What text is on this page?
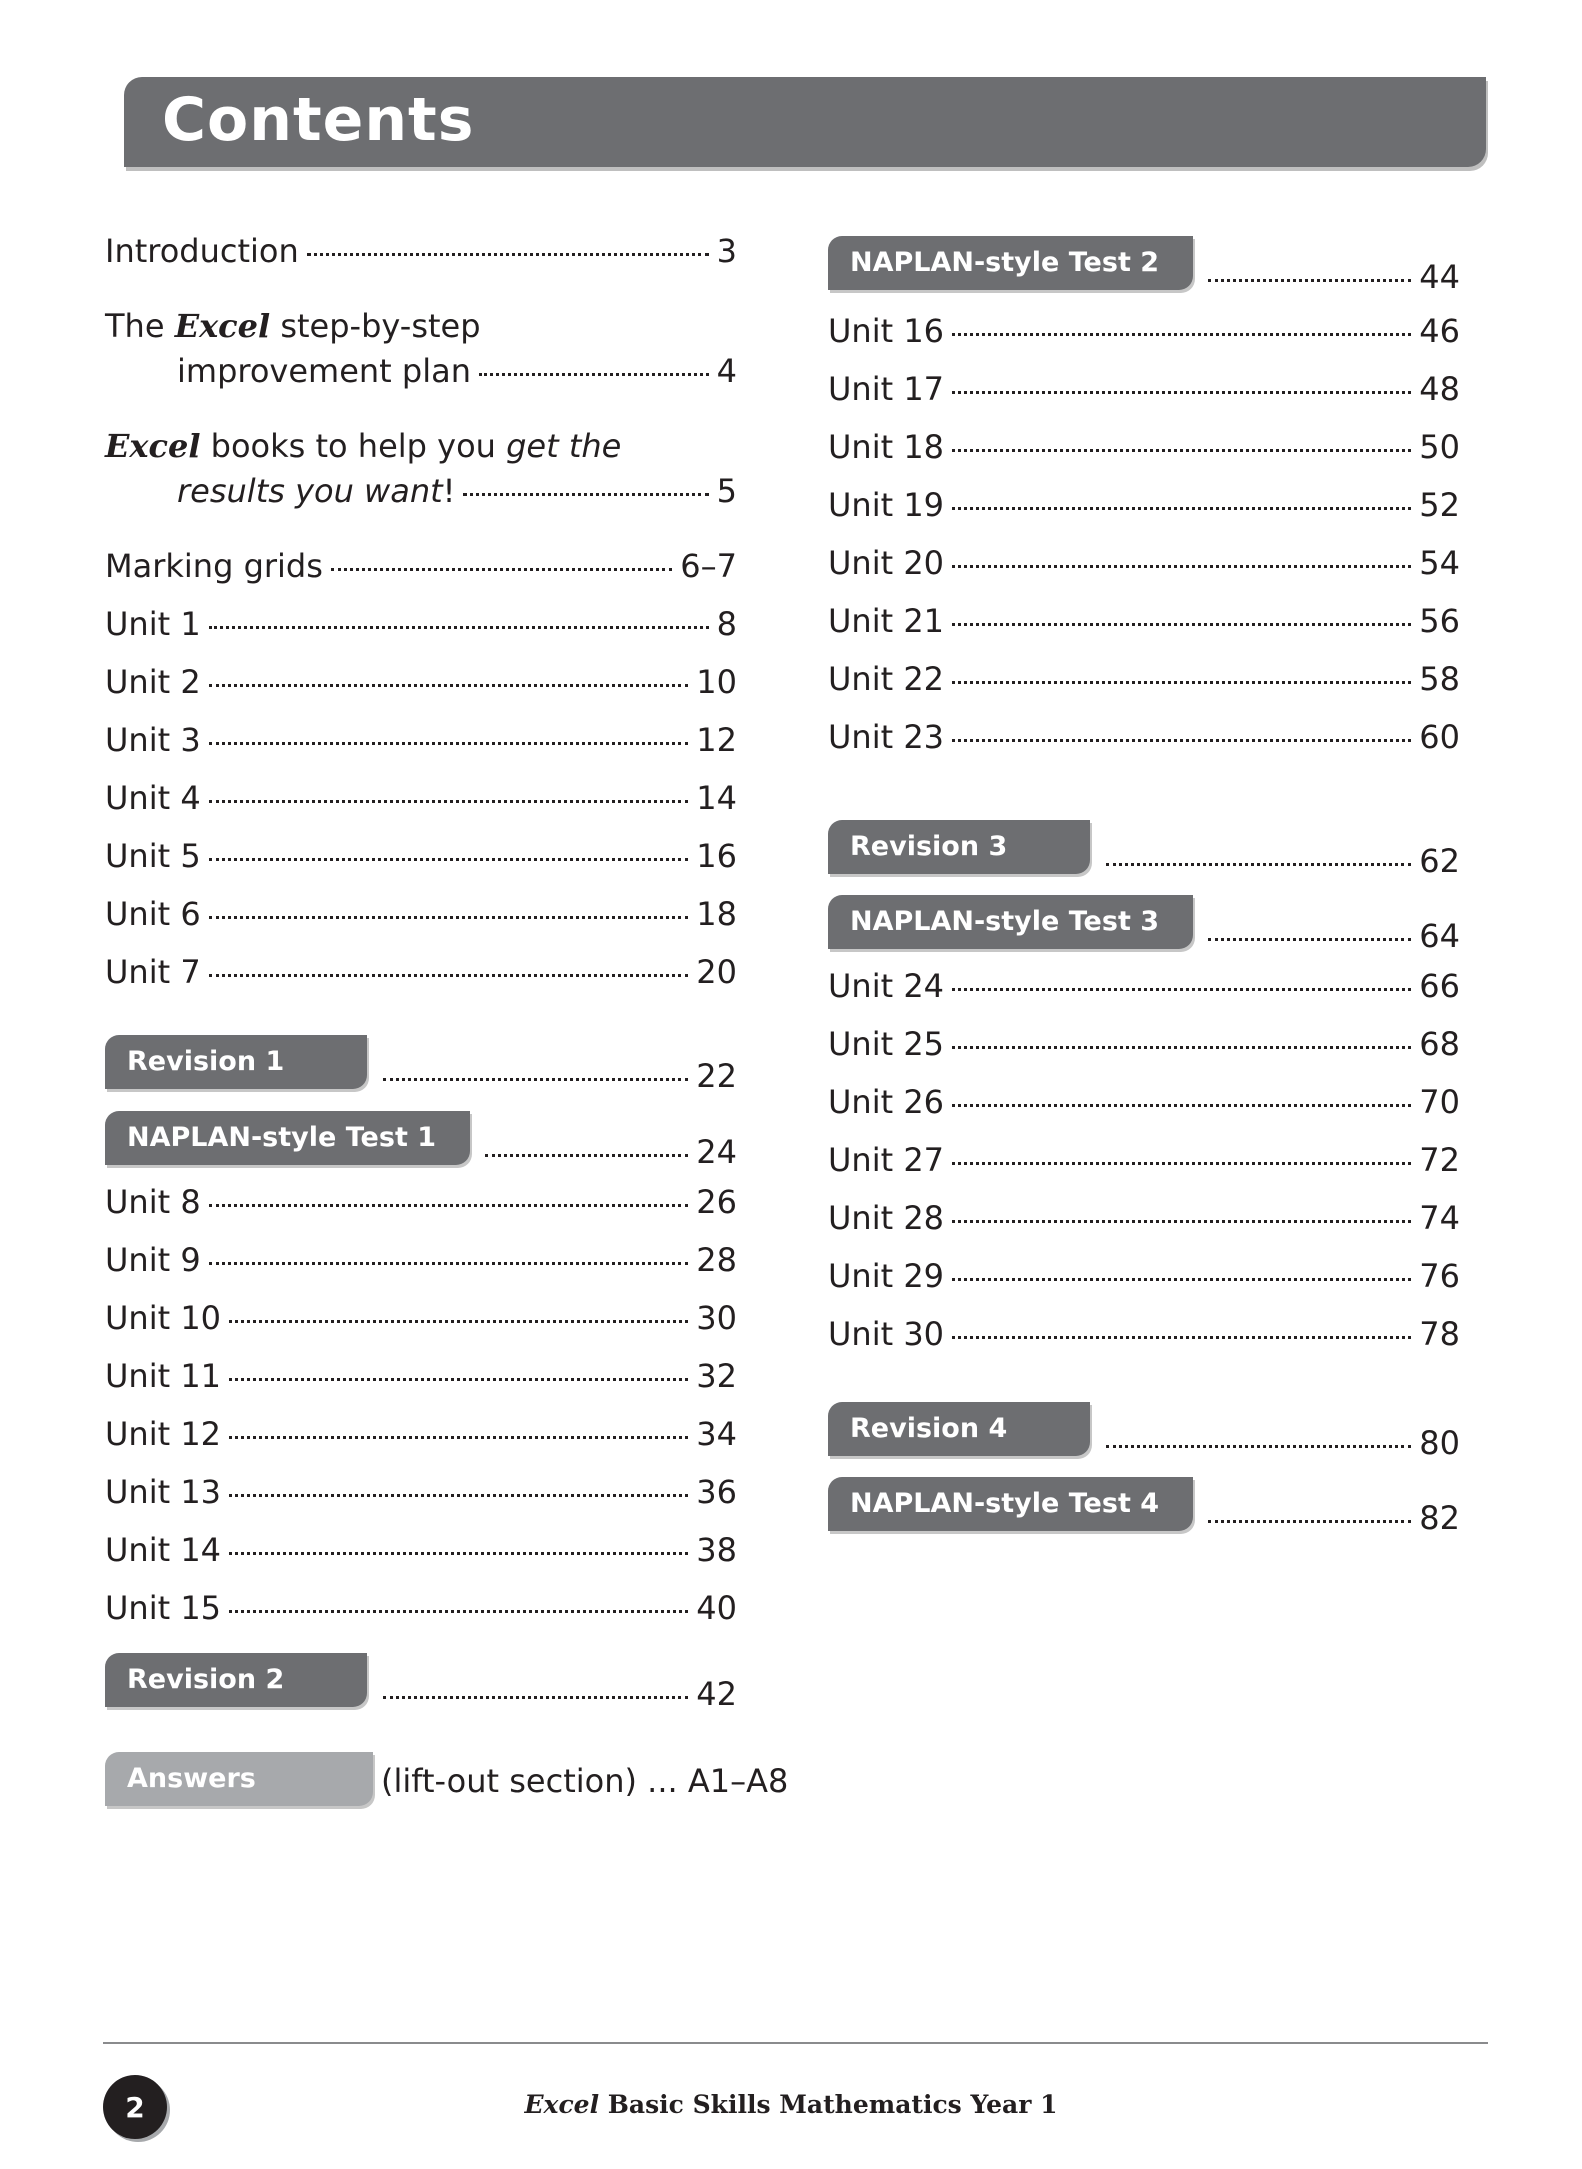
Contents
Introduction	3
The Excel step-by-step
improvement plan	4
Excel books to help you get the
results you want!	5
Marking grids	6–7
Unit 1	8
Unit 2	10
Unit 3	12
Unit 4	14
Unit 5	16
Unit 6	18
Unit 7	20
Revision 1	22
NAPLAN-style Test 1	24
Unit 8	26
Unit 9	28
Unit 10	30
Unit 11	32
Unit 12	34
Unit 13	36
Unit 14	38
Unit 15	40
Revision 2	42
Answers	(lift-out section) ... A1–A8
NAPLAN-style Test 2	44
Unit 16	46
Unit 17	48
Unit 18	50
Unit 19	52
Unit 20	54
Unit 21	56
Unit 22	58
Unit 23	60
Revision 3	62
NAPLAN-style Test 3	64
Unit 24	66
Unit 25	68
Unit 26	70
Unit 27	72
Unit 28	74
Unit 29	76
Unit 30	78
Revision 4	80
NAPLAN-style Test 4	82
2	Excel Basic Skills Mathematics Year 1
